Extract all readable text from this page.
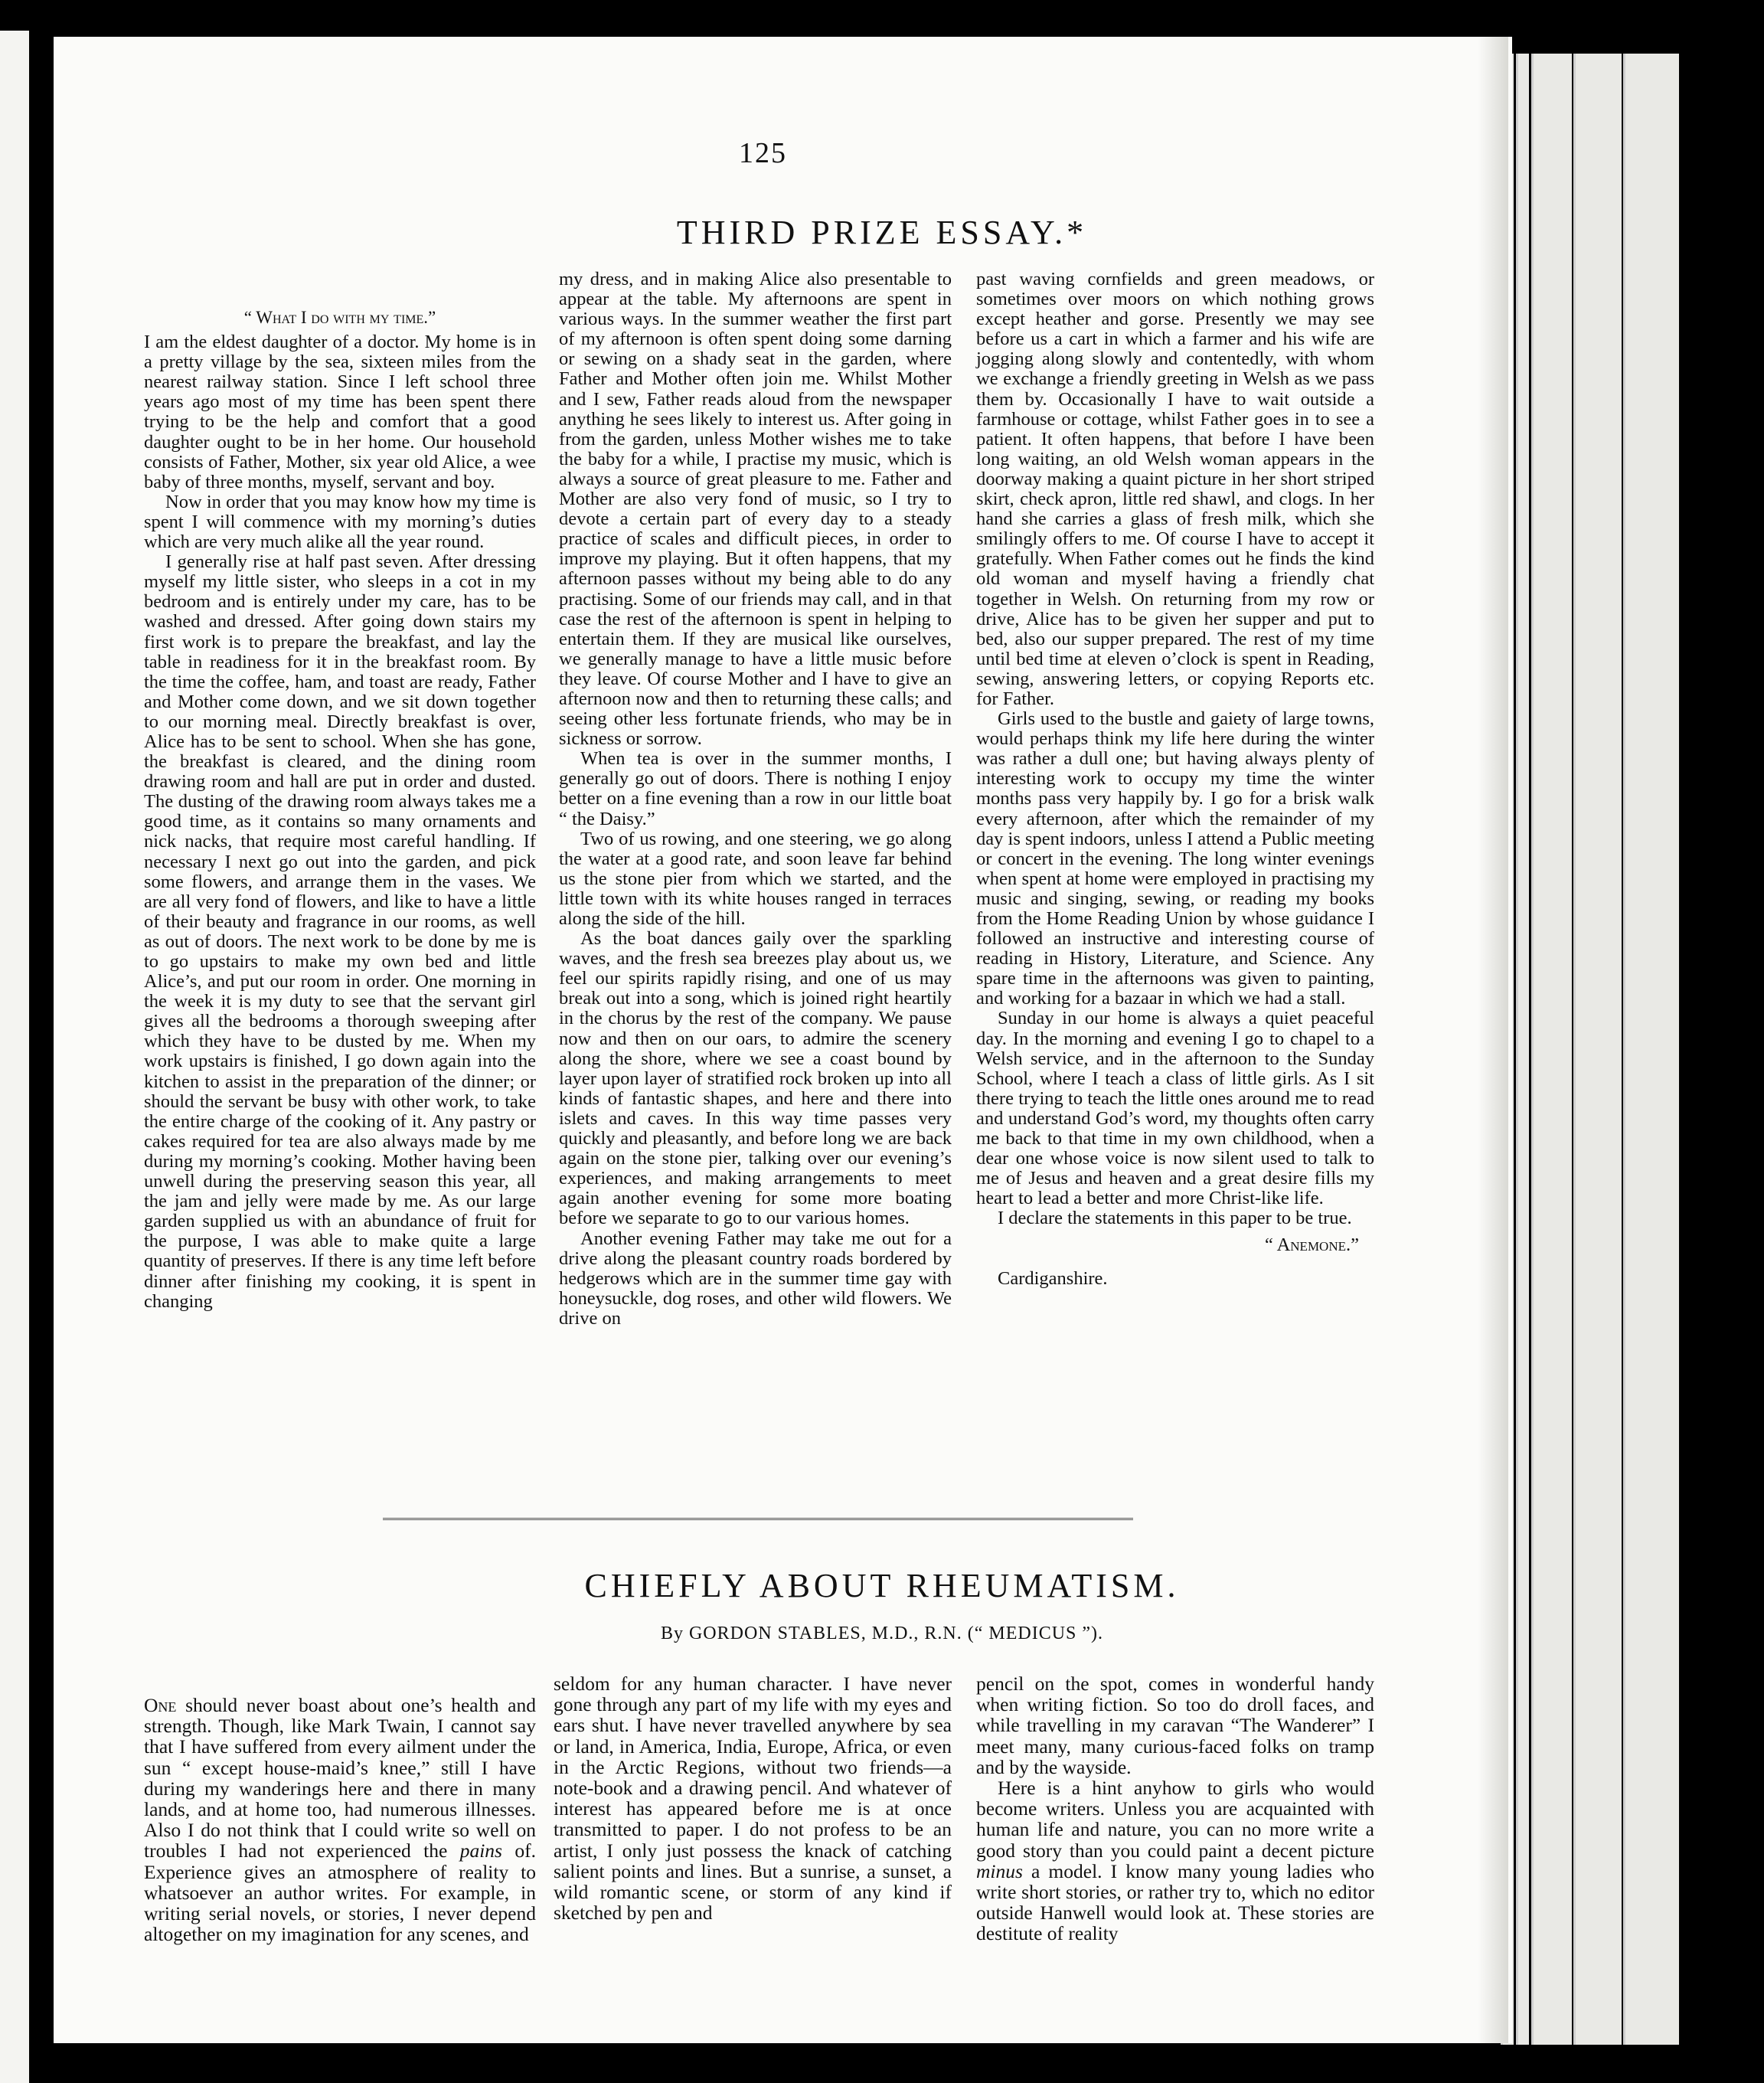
125
THIRD PRIZE ESSAY.*

“ What I do with my time.”

I am the eldest daughter of a doctor. My home is in a pretty village by the sea, sixteen miles from the nearest railway station. Since I left school three years ago most of my time has been spent there trying to be the help and comfort that a good daughter ought to be in her home. Our household consists of Father, Mother, six year old Alice, a wee baby of three months, myself, servant and boy.

Now in order that you may know how my time is spent I will commence with my morning’s duties which are very much alike all the year round.

I generally rise at half past seven. After dressing myself my little sister, who sleeps in a cot in my bedroom and is entirely under my care, has to be washed and dressed. After going down stairs my first work is to prepare the breakfast, and lay the table in readiness for it in the breakfast room. By the time the coffee, ham, and toast are ready, Father and Mother come down, and we sit down together to our morning meal. Directly breakfast is over, Alice has to be sent to school. When she has gone, the breakfast is cleared, and the dining room drawing room and hall are put in order and dusted. The dusting of the drawing room always takes me a good time, as it contains so many ornaments and nick nacks, that require most careful handling. If necessary I next go out into the garden, and pick some flowers, and arrange them in the vases. We are all very fond of flowers, and like to have a little of their beauty and fragrance in our rooms, as well as out of doors. The next work to be done by me is to go upstairs to make my own bed and little Alice’s, and put our room in order. One morning in the week it is my duty to see that the servant girl gives all the bedrooms a thorough sweeping after which they have to be dusted by me. When my work upstairs is finished, I go down again into the kitchen to assist in the preparation of the dinner; or should the servant be busy with other work, to take the entire charge of the cooking of it. Any pastry or cakes required for tea are also always made by me during my morning’s cooking. Mother having been unwell during the preserving season this year, all the jam and jelly were made by me. As our large garden supplied us with an abundance of fruit for the purpose, I was able to make quite a large quantity of preserves. If there is any time left before dinner after finishing my cooking, it is spent in changing

my dress, and in making Alice also presentable to appear at the table. My afternoons are spent in various ways. In the summer weather the first part of my afternoon is often spent doing some darning or sewing on a shady seat in the garden, where Father and Mother often join me. Whilst Mother and I sew, Father reads aloud from the newspaper anything he sees likely to interest us. After going in from the garden, unless Mother wishes me to take the baby for a while, I practise my music, which is always a source of great pleasure to me. Father and Mother are also very fond of music, so I try to devote a certain part of every day to a steady practice of scales and difficult pieces, in order to improve my playing. But it often happens, that my afternoon passes without my being able to do any practising. Some of our friends may call, and in that case the rest of the afternoon is spent in helping to entertain them. If they are musical like ourselves, we generally manage to have a little music before they leave. Of course Mother and I have to give an afternoon now and then to returning these calls; and seeing other less fortunate friends, who may be in sickness or sorrow.

When tea is over in the summer months, I generally go out of doors. There is nothing I enjoy better on a fine evening than a row in our little boat “ the Daisy.”

Two of us rowing, and one steering, we go along the water at a good rate, and soon leave far behind us the stone pier from which we started, and the little town with its white houses ranged in terraces along the side of the hill.

As the boat dances gaily over the sparkling waves, and the fresh sea breezes play about us, we feel our spirits rapidly rising, and one of us may break out into a song, which is joined right heartily in the chorus by the rest of the company. We pause now and then on our oars, to admire the scenery along the shore, where we see a coast bound by layer upon layer of stratified rock broken up into all kinds of fantastic shapes, and here and there into islets and caves. In this way time passes very quickly and pleasantly, and before long we are back again on the stone pier, talking over our evening’s experiences, and making arrangements to meet again another evening for some more boating before we separate to go to our various homes.

Another evening Father may take me out for a drive along the pleasant country roads bordered by hedgerows which are in the summer time gay with honeysuckle, dog roses, and other wild flowers. We drive on

past waving cornfields and green meadows, or sometimes over moors on which nothing grows except heather and gorse. Presently we may see before us a cart in which a farmer and his wife are jogging along slowly and contentedly, with whom we exchange a friendly greeting in Welsh as we pass them by. Occasionally I have to wait outside a farmhouse or cottage, whilst Father goes in to see a patient. It often happens, that before I have been long waiting, an old Welsh woman appears in the doorway making a quaint picture in her short striped skirt, check apron, little red shawl, and clogs. In her hand she carries a glass of fresh milk, which she smilingly offers to me. Of course I have to accept it gratefully. When Father comes out he finds the kind old woman and myself having a friendly chat together in Welsh. On returning from my row or drive, Alice has to be given her supper and put to bed, also our supper prepared. The rest of my time until bed time at eleven o’clock is spent in Reading, sewing, answering letters, or copying Reports etc. for Father.

Girls used to the bustle and gaiety of large towns, would perhaps think my life here during the winter was rather a dull one; but having always plenty of interesting work to occupy my time the winter months pass very happily by. I go for a brisk walk every afternoon, after which the remainder of my day is spent indoors, unless I attend a Public meeting or concert in the evening. The long winter evenings when spent at home were employed in practising my music and singing, sewing, or reading my books from the Home Reading Union by whose guidance I followed an instructive and interesting course of reading in History, Literature, and Science. Any spare time in the afternoons was given to painting, and working for a bazaar in which we had a stall.

Sunday in our home is always a quiet peaceful day. In the morning and evening I go to chapel to a Welsh service, and in the afternoon to the Sunday School, where I teach a class of little girls. As I sit there trying to teach the little ones around me to read and understand God’s word, my thoughts often carry me back to that time in my own childhood, when a dear one whose voice is now silent used to talk to me of Jesus and heaven and a great desire fills my heart to lead a better and more Christ-like life.

I declare the statements in this paper to be true.

“ Anemone.”

Cardiganshire.

CHIEFLY ABOUT RHEUMATISM.
By GORDON STABLES, M.D., R.N. (“ MEDICUS ”).

One should never boast about one’s health and strength. Though, like Mark Twain, I cannot say that I have suffered from every ailment under the sun “ except house-maid’s knee,” still I have during my wanderings here and there in many lands, and at home too, had numerous illnesses. Also I do not think that I could write so well on troubles I had not experienced the pains of. Experience gives an atmosphere of reality to whatsoever an author writes. For example, in writing serial novels, or stories, I never depend altogether on my imagination for any scenes, and

seldom for any human character. I have never gone through any part of my life with my eyes and ears shut. I have never travelled anywhere by sea or land, in America, India, Europe, Africa, or even in the Arctic Regions, without two friends—a note-book and a drawing pencil. And whatever of interest has appeared before me is at once transmitted to paper. I do not profess to be an artist, I only just possess the knack of catching salient points and lines. But a sunrise, a sunset, a wild romantic scene, or storm of any kind if sketched by pen and

pencil on the spot, comes in wonderful handy when writing fiction. So too do droll faces, and while travelling in my caravan “The Wanderer” I meet many, many curious-faced folks on tramp and by the wayside.

Here is a hint anyhow to girls who would become writers. Unless you are acquainted with human life and nature, you can no more write a good story than you could paint a decent picture minus a model. I know many young ladies who write short stories, or rather try to, which no editor outside Hanwell would look at. These stories are destitute of reality
